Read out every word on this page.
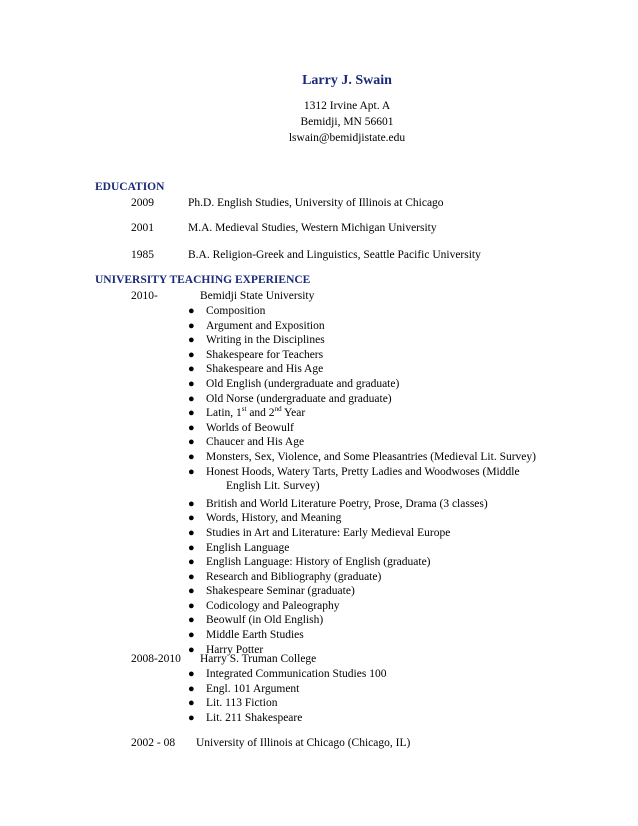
Larry J. Swain
1312 Irvine Apt. A
Bemidji, MN 56601
lswain@bemidjistate.edu
EDUCATION
2009	Ph.D. English Studies, University of Illinois at Chicago
2001	M.A. Medieval Studies, Western Michigan University
1985	B.A. Religion-Greek and Linguistics, Seattle Pacific University
UNIVERSITY TEACHING EXPERIENCE
2010-	Bemidji State University
● Composition
● Argument and Exposition
● Writing in the Disciplines
● Shakespeare for Teachers
● Shakespeare and His Age
● Old English (undergraduate and graduate)
● Old Norse (undergraduate and graduate)
● Latin, 1st and 2nd Year
● Worlds of Beowulf
● Chaucer and His Age
● Monsters, Sex, Violence, and Some Pleasantries (Medieval Lit. Survey)
● Honest Hoods, Watery Tarts, Pretty Ladies and Woodwoses (Middle
English Lit. Survey)
● British and World Literature Poetry, Prose, Drama (3 classes)
● Words, History, and Meaning
● Studies in Art and Literature: Early Medieval Europe
● English Language
● English Language: History of English (graduate)
● Research and Bibliography (graduate)
● Shakespeare Seminar (graduate)
● Codicology and Paleography
● Beowulf (in Old English)
● Middle Earth Studies
● Harry Potter
2008-2010 Harry S. Truman College
● Integrated Communication Studies 100
● Engl. 101 Argument
● Lit. 113 Fiction
● Lit. 211 Shakespeare
2002 - 08 University of Illinois at Chicago (Chicago, IL)
